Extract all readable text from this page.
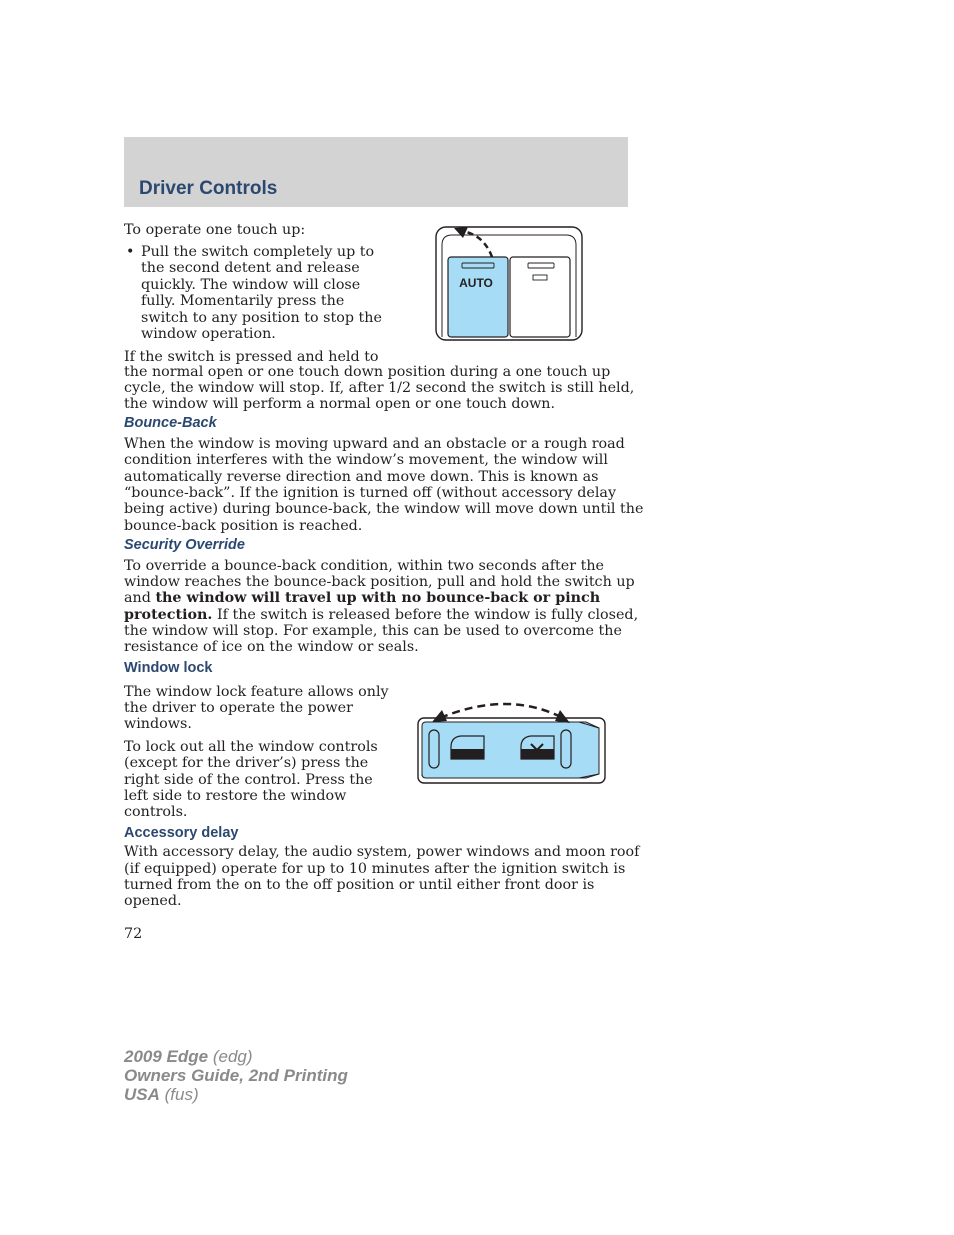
Driver Controls

To operate one touch up:

• Pull the switch completely up to the second detent and release quickly. The window will close fully. Momentarily press the switch to any position to stop the window operation.

If the switch is pressed and held to

the normal open or one touch down position during a one touch up

cycle, the window will stop. If, after 1/2 second the switch is still held,

the window will perform a normal open or one touch down.

AUTO
Bounce-Back

When the window is moving upward and an obstacle or a rough road

condition interferes with the window’s movement, the window will

automatically reverse direction and move down. This is known as

“bounce-back”. If the ignition is turned off (without accessory delay

being active) during bounce-back, the window will move down until the

bounce-back position is reached.

Security Override

To override a bounce-back condition, within two seconds after the

window reaches the bounce-back position, pull and hold the switch up

and the window will travel up with no bounce-back or pinch

protection. If the switch is released before the window is fully closed,

the window will stop. For example, this can be used to overcome the

resistance of ice on the window or seals.

Window lock

The window lock feature allows only

the driver to operate the power

windows.

To lock out all the window controls

(except for the driver’s) press the

right side of the control. Press the

left side to restore the window

controls.

Accessory delay

With accessory delay, the audio system, power windows and moon roof

(if equipped) operate for up to 10 minutes after the ignition switch is

turned from the on to the off position or until either front door is

opened.

72

2009 Edge (edg)
Owners Guide, 2nd Printing
USA (fus)
